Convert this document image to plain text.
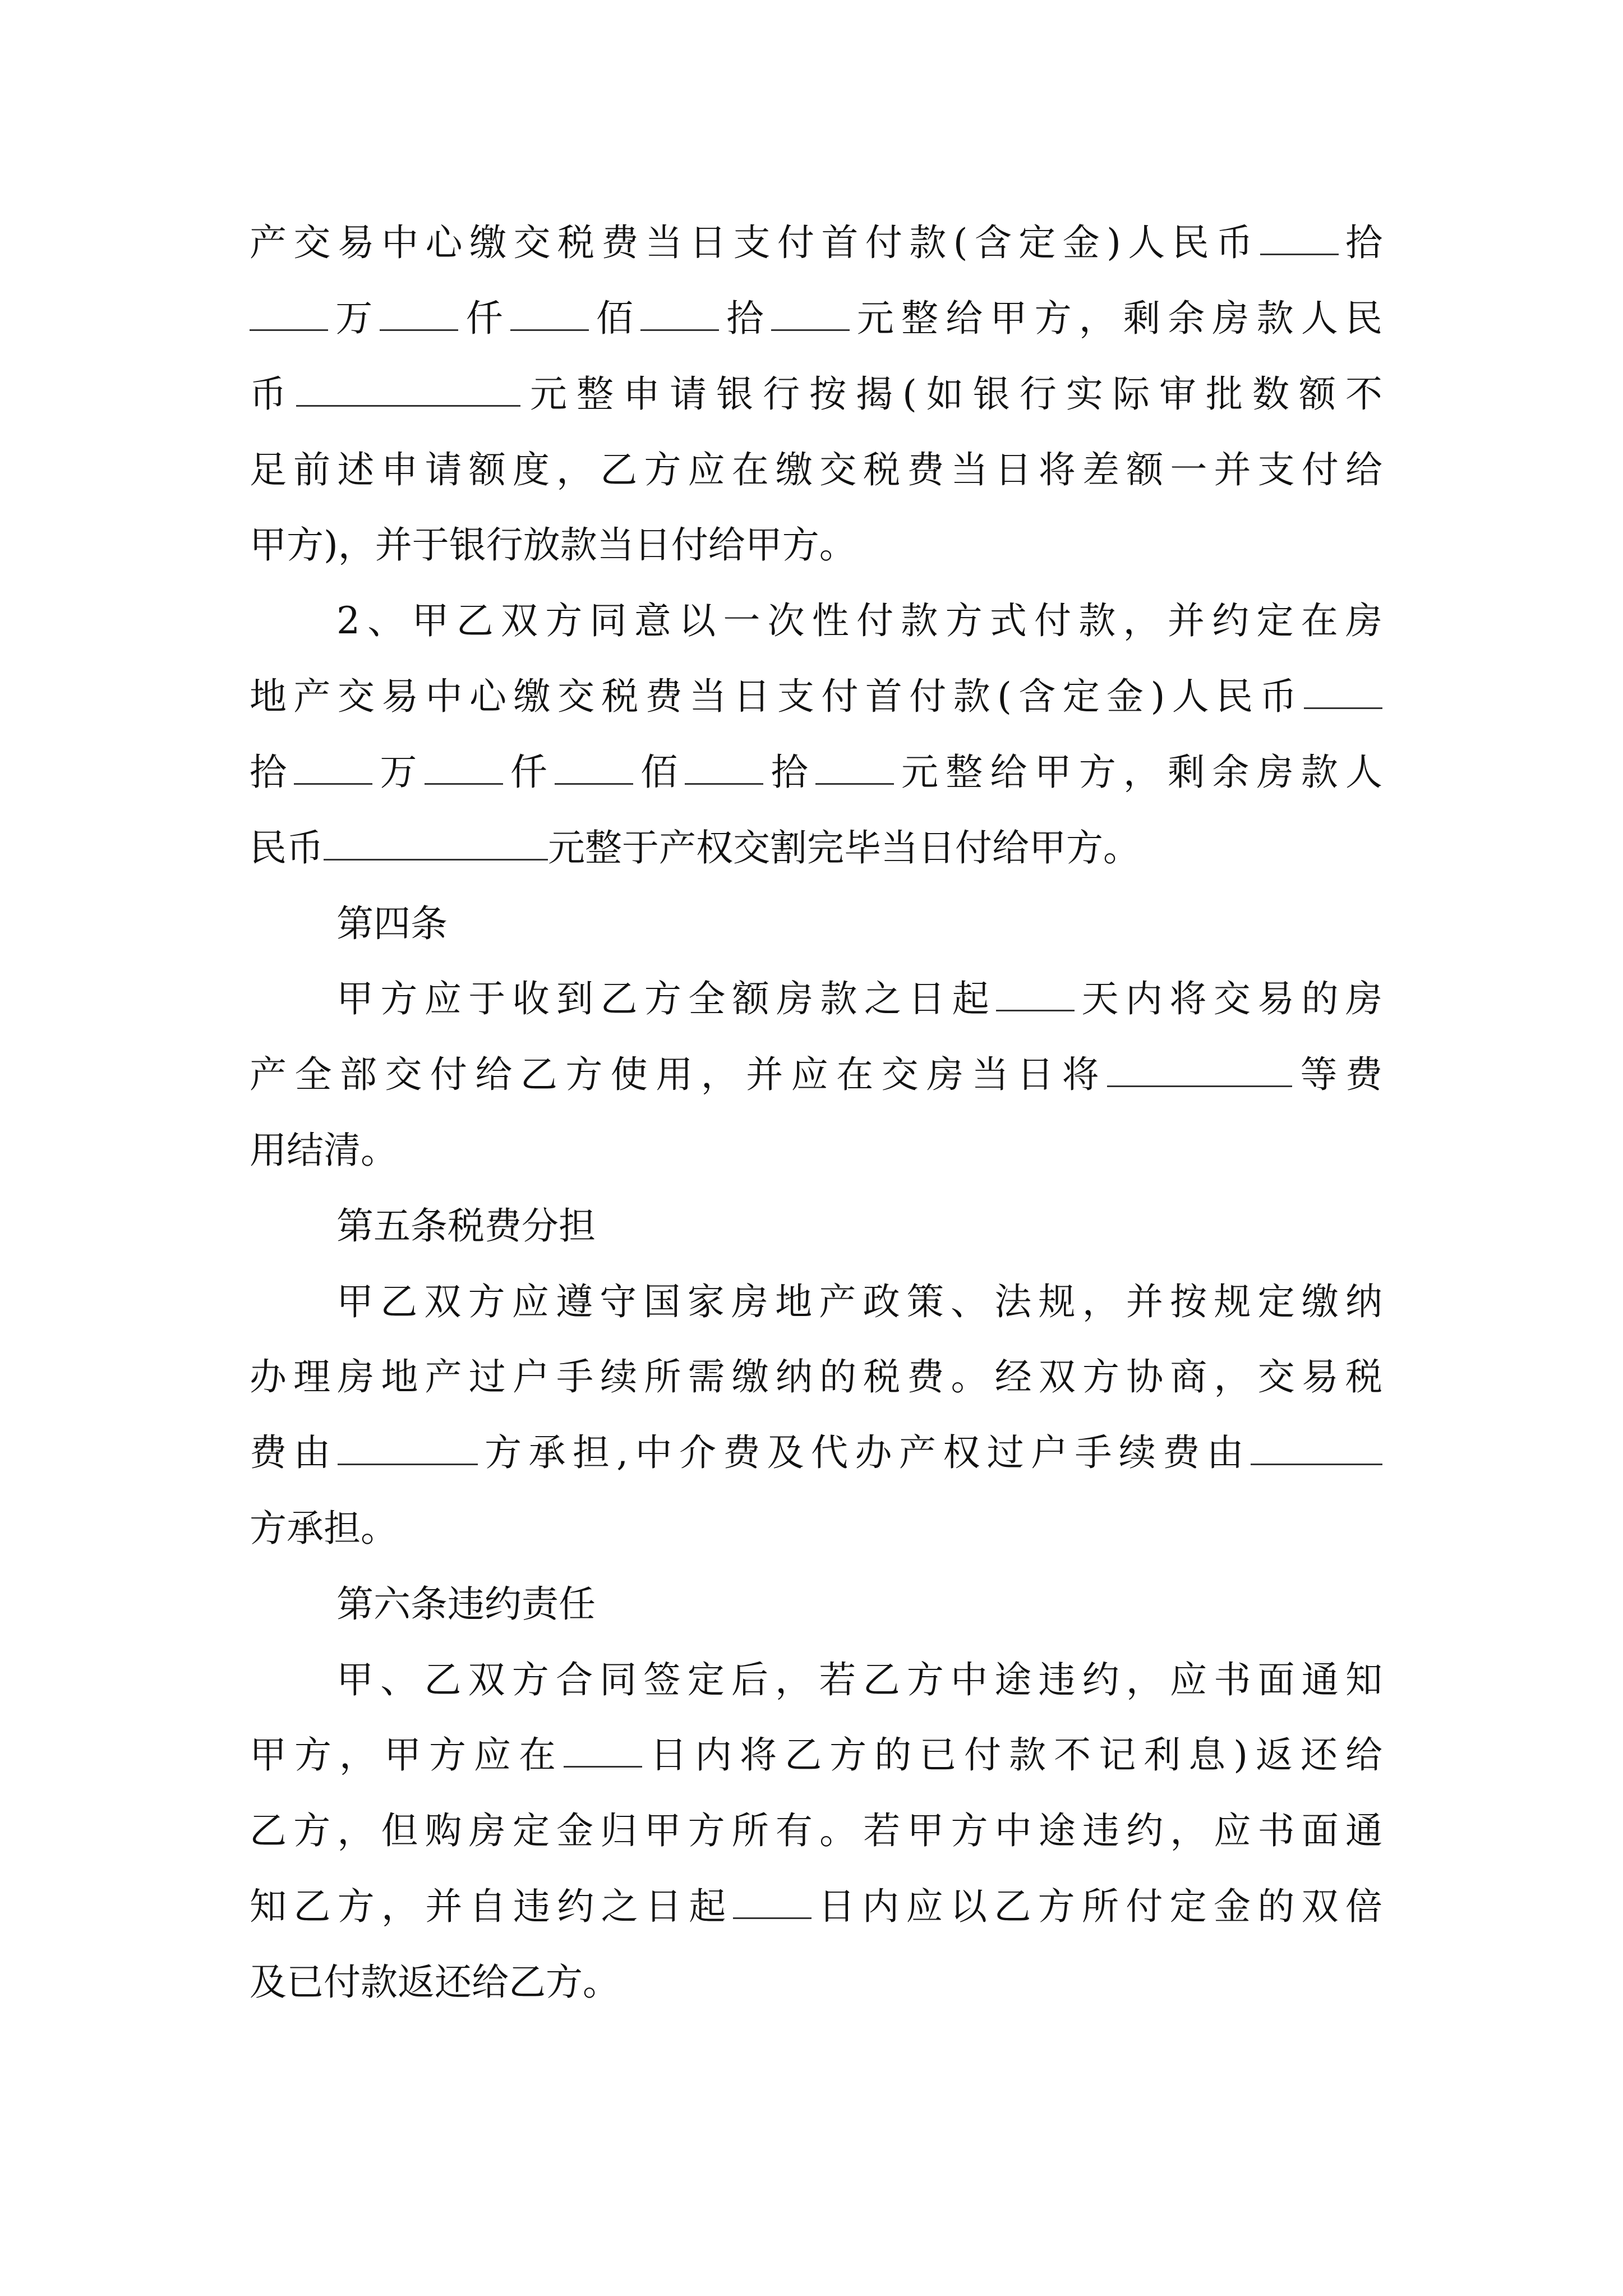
产交易中心缴交税费当日支付首付款(含定金)人民币 拾
万 仟 佰 拾 元整给甲方，剩余房款人民
币	元整申请银行按揭(如银行实际审批数额不
足前述申请额度，乙方应在缴交税费当日将差额一并支付给
甲方)，并于银行放款当日付给甲方。
2、甲乙双方同意以一次性付款方式付款，并约定在房
地产交易中心缴交税费当日支付首付款(含定金)人民币
拾 万 仟 佰 拾 元整给甲方，剩余房款人
民币	元整于产权交割完毕当日付给甲方。
第四条
甲方应于收到乙方全额房款之日起 天内将交易的房
产全部交付给乙方使用，并应在交房当日将	等费
用结清。
第五条税费分担
甲乙双方应遵守国家房地产政策、法规，并按规定缴纳
办理房地产过户手续所需缴纳的税费。经双方协商，交易税
费由	方承担,中介费及代办产权过户手续费由
方承担。
第六条违约责任
甲、乙双方合同签定后，若乙方中途违约，应书面通知
甲方，甲方应在 日内将乙方的已付款不记利息)返还给
乙方，但购房定金归甲方所有。若甲方中途违约，应书面通
知乙方，并自违约之日起 日内应以乙方所付定金的双倍
及已付款返还给乙方。
